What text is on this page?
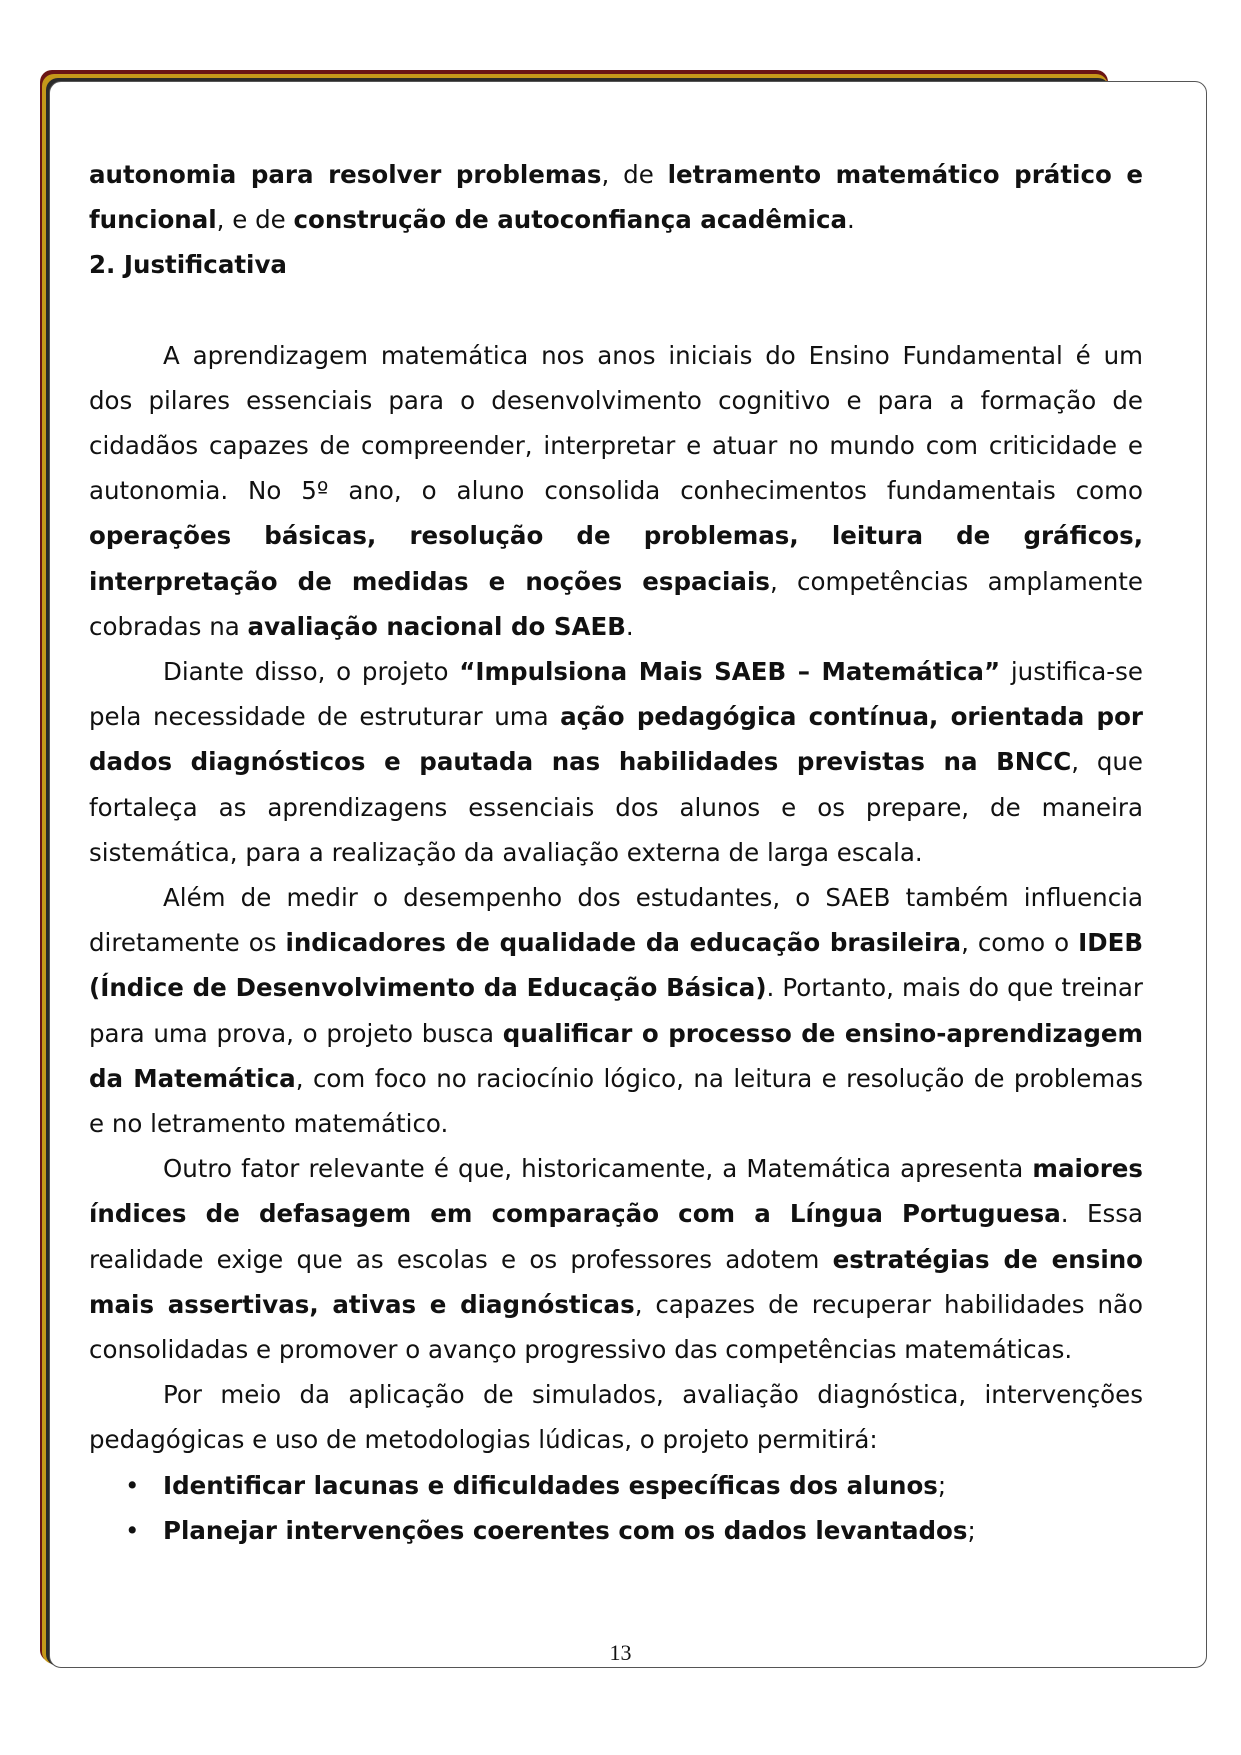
autonomia para resolver problemas, de letramento matemático prático e funcional, e de construção de autoconfiança acadêmica.

2. Justificativa

A aprendizagem matemática nos anos iniciais do Ensino Fundamental é um dos pilares essenciais para o desenvolvimento cognitivo e para a formação de cidadãos capazes de compreender, interpretar e atuar no mundo com criticidade e autonomia. No 5º ano, o aluno consolida conhecimentos fundamentais como operações básicas, resolução de problemas, leitura de gráficos, interpretação de medidas e noções espaciais, competências amplamente cobradas na avaliação nacional do SAEB.

Diante disso, o projeto “Impulsiona Mais SAEB – Matemática” justifica-se pela necessidade de estruturar uma ação pedagógica contínua, orientada por dados diagnósticos e pautada nas habilidades previstas na BNCC, que fortaleça as aprendizagens essenciais dos alunos e os prepare, de maneira sistemática, para a realização da avaliação externa de larga escala.

Além de medir o desempenho dos estudantes, o SAEB também influencia diretamente os indicadores de qualidade da educação brasileira, como o IDEB (Índice de Desenvolvimento da Educação Básica). Portanto, mais do que treinar para uma prova, o projeto busca qualificar o processo de ensino-aprendizagem da Matemática, com foco no raciocínio lógico, na leitura e resolução de problemas e no letramento matemático.

Outro fator relevante é que, historicamente, a Matemática apresenta maiores índices de defasagem em comparação com a Língua Portuguesa. Essa realidade exige que as escolas e os professores adotem estratégias de ensino mais assertivas, ativas e diagnósticas, capazes de recuperar habilidades não consolidadas e promover o avanço progressivo das competências matemáticas.

Por meio da aplicação de simulados, avaliação diagnóstica, intervenções pedagógicas e uso de metodologias lúdicas, o projeto permitirá:

• Identificar lacunas e dificuldades específicas dos alunos;
• Planejar intervenções coerentes com os dados levantados;
13
